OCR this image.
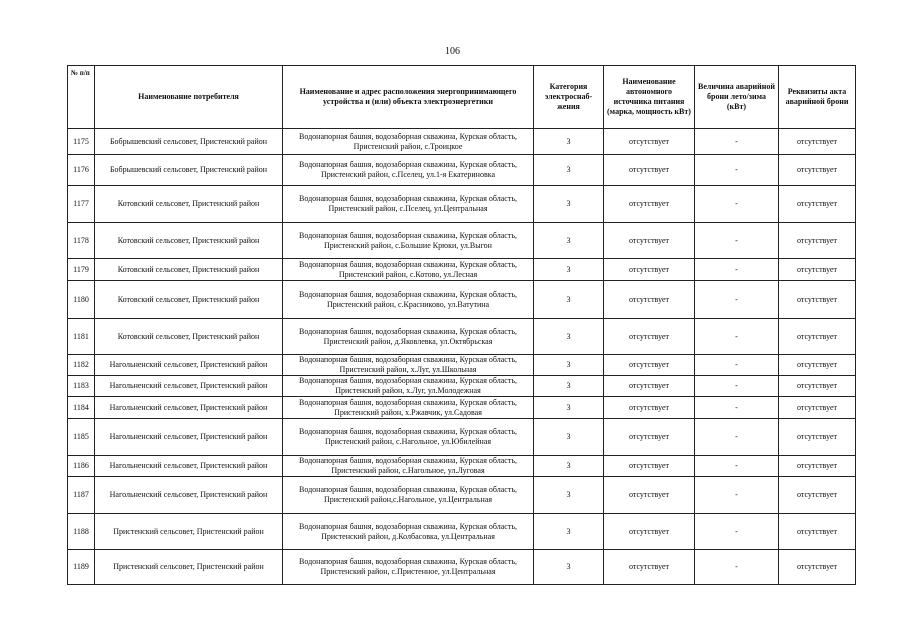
106
№ п/п	Наименование потребителя	Наименование и адрес расположения энергопринимающего устройства и (или) объекта электроэнергетики	Категория электроснаб-жения	Наименование автономного источника питания (марка, мощность кВт)	Величина аварийной брони лето/зима (кВт)	Реквизиты акта аварийной брони
1175	Бобрышевский сельсовет, Пристенский район	Водонапорная башня, водозаборная скважина, Курская область, Пристенский район, с.Троицкое	3	отсутствует	-	отсутствует
1176	Бобрышевский сельсовет, Пристенский район	Водонапорная башня, водозаборная скважина, Курская область, Пристенский район, с.Пселец, ул.1-я Екатериновка	3	отсутствует	-	отсутствует
1177	Котовский сельсовет, Пристенский район	Водонапорная башня, водозаборная скважина, Курская область, Пристенский район, с.Пселец, ул.Центральная	3	отсутствует	-	отсутствует
1178	Котовский сельсовет, Пристенский район	Водонапорная башня, водозаборная скважина, Курская область, Пристенский район, с.Большие Крюки, ул.Выгон	3	отсутствует	-	отсутствует
1179	Котовский сельсовет, Пристенский район	Водонапорная башня, водозаборная скважина, Курская область, Пристенский район, с.Котово, ул.Лесная	3	отсутствует	-	отсутствует
1180	Котовский сельсовет, Пристенский район	Водонапорная башня, водозаборная скважина, Курская область, Пристенский район, с.Красниково, ул.Ватутина	3	отсутствует	-	отсутствует
1181	Котовский сельсовет, Пристенский район	Водонапорная башня, водозаборная скважина, Курская область, Пристенский район, д.Яковлевка, ул.Октябрьская	3	отсутствует	-	отсутствует
1182	Нагольненский сельсовет, Пристенский район	Водонапорная башня, водозаборная скважина, Курская область, Пристенский район, х.Луг, ул.Школьная	3	отсутствует	-	отсутствует
1183	Нагольненский сельсовет, Пристенский район	Водонапорная башня, водозаборная скважина, Курская область, Пристенский район, х.Луг, ул.Молодежная	3	отсутствует	-	отсутствует
1184	Нагольненский сельсовет, Пристенский район	Водонапорная башня, водозаборная скважина, Курская область, Пристенский район, х.Ржавчик, ул.Садовая	3	отсутствует	-	отсутствует
1185	Нагольненский сельсовет, Пристенский район	Водонапорная башня, водозаборная скважина, Курская область, Пристенский район, с.Нагольное, ул.Юбилейная	3	отсутствует	-	отсутствует
1186	Нагольненский сельсовет, Пристенский район	Водонапорная башня, водозаборная скважина, Курская область, Пристенский район, с.Нагольное, ул.Луговая	3	отсутствует	-	отсутствует
1187	Нагольненский сельсовет, Пристенский район	Водонапорная башня, водозаборная скважина, Курская область, Пристенский район,с.Нагольное, ул.Центральная	3	отсутствует	-	отсутствует
1188	Пристенский сельсовет, Пристенский район	Водонапорная башня, водозаборная скважина, Курская область, Пристенский район, д.Колбасовка, ул.Центральная	3	отсутствует	-	отсутствует
1189	Пристенский сельсовет, Пристенский район	Водонапорная башня, водозаборная скважина, Курская область, Пристенский район, с.Пристенное, ул.Центральная	3	отсутствует	-	отсутствует
